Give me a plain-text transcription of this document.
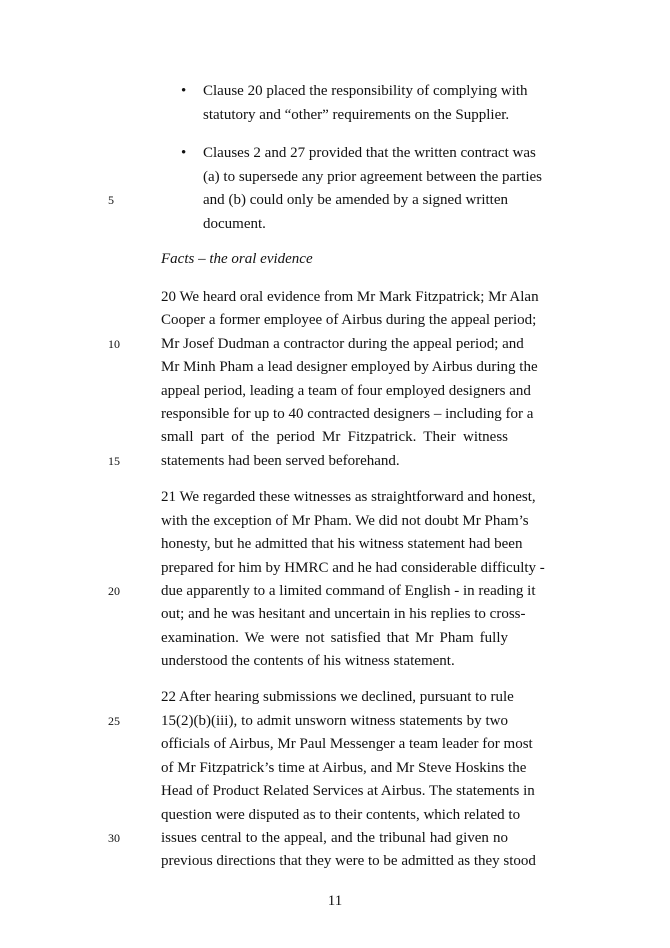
• Clause 20 placed the responsibility of complying with
statutory and “other” requirements on the Supplier.
• Clauses 2 and 27 provided that the written contract was
(a) to supersede any prior agreement between the parties
and (b) could only be amended by a signed written
document.
Facts – the oral evidence
20 We heard oral evidence from Mr Mark Fitzpatrick; Mr Alan
Cooper a former employee of Airbus during the appeal period;
Mr Josef Dudman a contractor during the appeal period; and
Mr Minh Pham a lead designer employed by Airbus during the
appeal period, leading a team of four employed designers and
responsible for up to 40 contracted designers – including for a
small part of the period Mr Fitzpatrick. Their witness
statements had been served beforehand.
21 We regarded these witnesses as straightforward and honest,
with the exception of Mr Pham. We did not doubt Mr Pham’s
honesty, but he admitted that his witness statement had been
prepared for him by HMRC and he had considerable difficulty -
due apparently to a limited command of English - in reading it
out; and he was hesitant and uncertain in his replies to cross-
examination. We were not satisfied that Mr Pham fully
understood the contents of his witness statement.
22 After hearing submissions we declined, pursuant to rule
15(2)(b)(iii), to admit unsworn witness statements by two
officials of Airbus, Mr Paul Messenger a team leader for most
of Mr Fitzpatrick’s time at Airbus, and Mr Steve Hoskins the
Head of Product Related Services at Airbus. The statements in
question were disputed as to their contents, which related to
issues central to the appeal, and the tribunal had given no
previous directions that they were to be admitted as they stood
5
10
15
20
25
30
11
